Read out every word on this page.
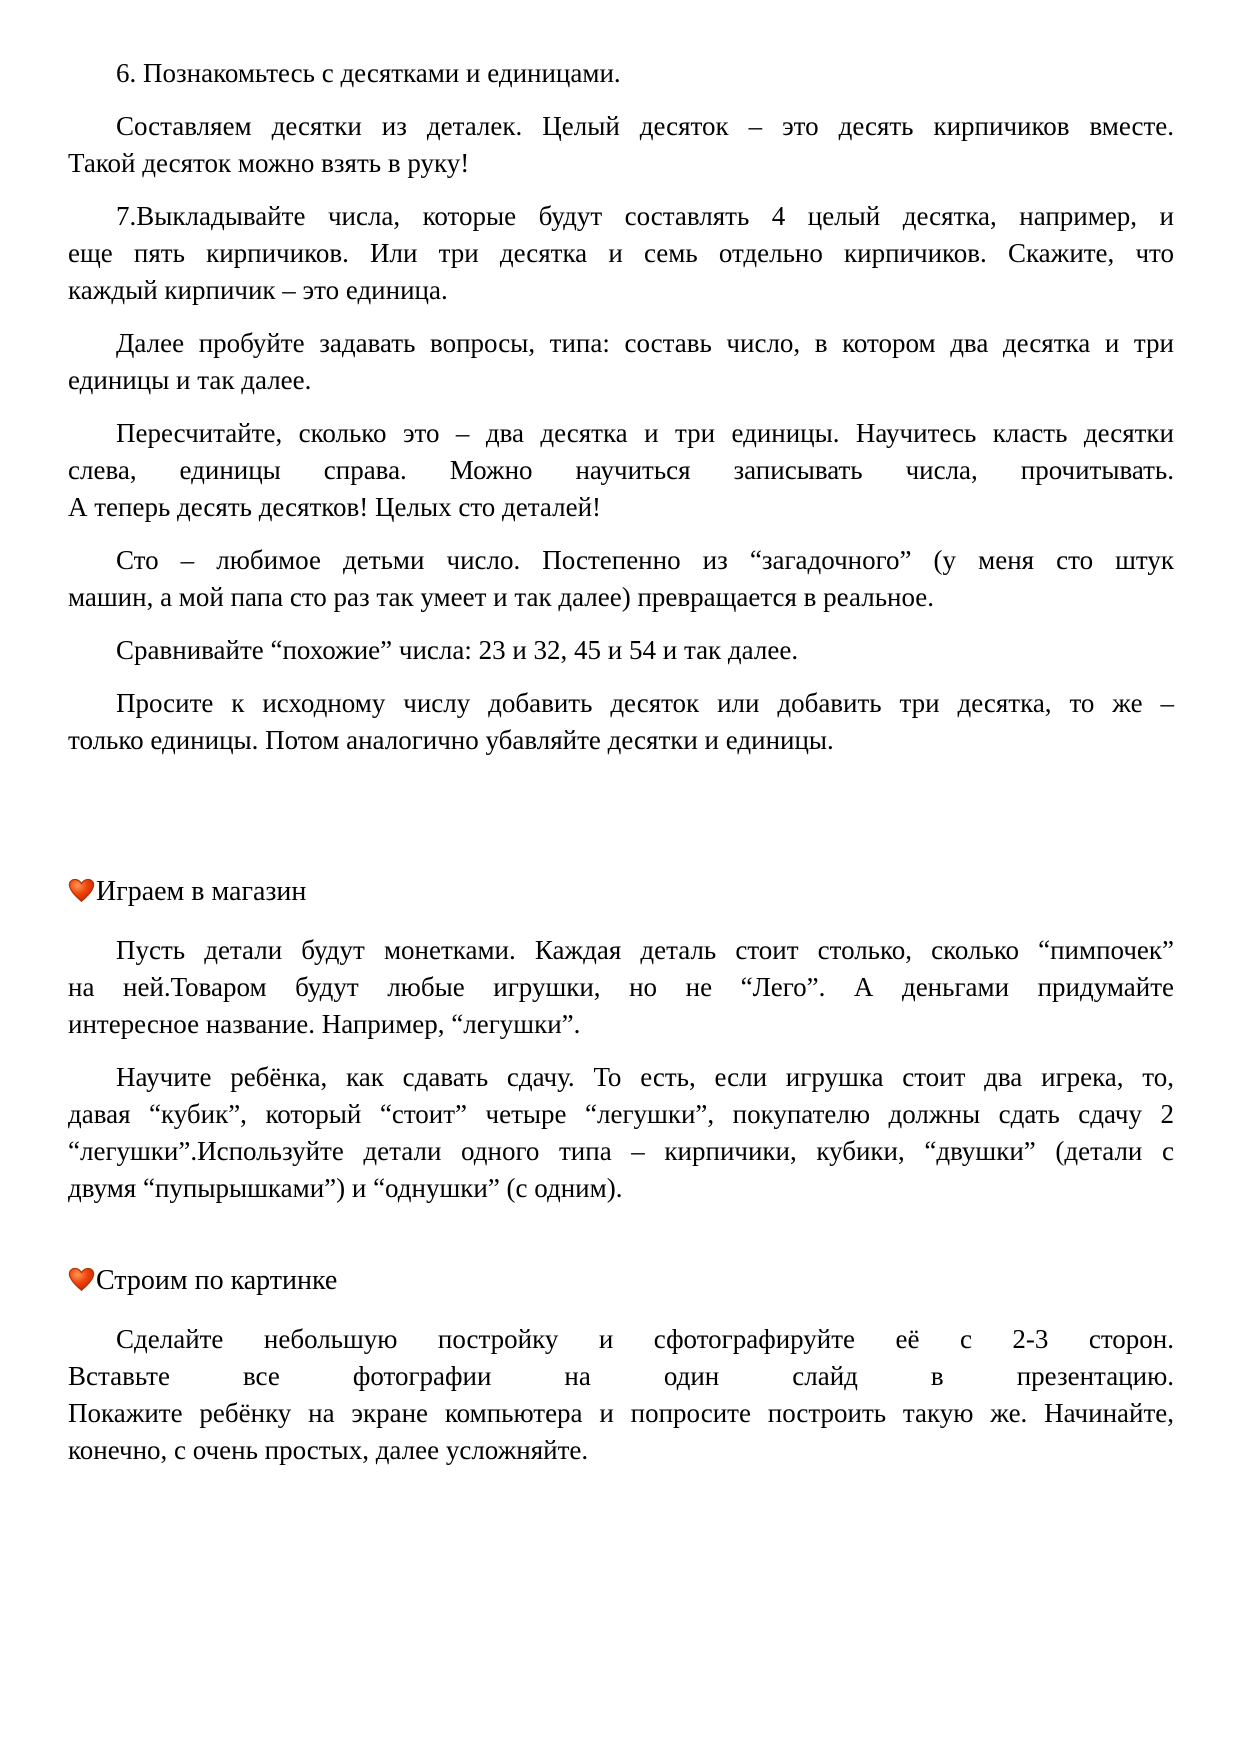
6. Познакомьтесь с десятками и единицами.
Составляем десятки из деталек. Целый десяток – это десять кирпичиков вместе.
Такой десяток можно взять в руку!
7.Выкладывайте числа, которые будут составлять 4 целый десятка, например, и
еще пять кирпичиков. Или три десятка и семь отдельно кирпичиков. Скажите, что
каждый кирпичик – это единица.
Далее пробуйте задавать вопросы, типа: составь число, в котором два десятка и три
единицы и так далее.
Пересчитайте, сколько это – два десятка и три единицы. Научитесь класть десятки
слева, единицы справа. Можно научиться записывать числа, прочитывать.
А теперь десять десятков! Целых сто деталей!
Сто – любимое детьми число. Постепенно из “загадочного” (у меня сто штук
машин, а мой папа сто раз так умеет и так далее) превращается в реальное.
Сравнивайте “похожие” числа: 23 и 32, 45 и 54 и так далее.
Просите к исходному числу добавить десяток или добавить три десятка, то же –
только единицы. Потом аналогично убавляйте десятки и единицы.
Играем в магазин
Пусть детали будут монетками. Каждая деталь стоит столько, сколько “пимпочек”
на ней.Товаром будут любые игрушки, но не “Лего”. А деньгами придумайте
интересное название. Например, “легушки”.
Научите ребёнка, как сдавать сдачу. То есть, если игрушка стоит два игрека, то,
давая “кубик”, который “стоит” четыре “легушки”, покупателю должны сдать сдачу 2
“легушки”.Используйте детали одного типа – кирпичики, кубики, “двушки” (детали с
двумя “пупырышками”) и “однушки” (с одним).
Строим по картинке
Сделайте небольшую постройку и сфотографируйте её с 2-3 сторон.
Вставьте все фотографии на один слайд в презентацию.
Покажите ребёнку на экране компьютера и попросите построить такую же. Начинайте,
конечно, с очень простых, далее усложняйте.
